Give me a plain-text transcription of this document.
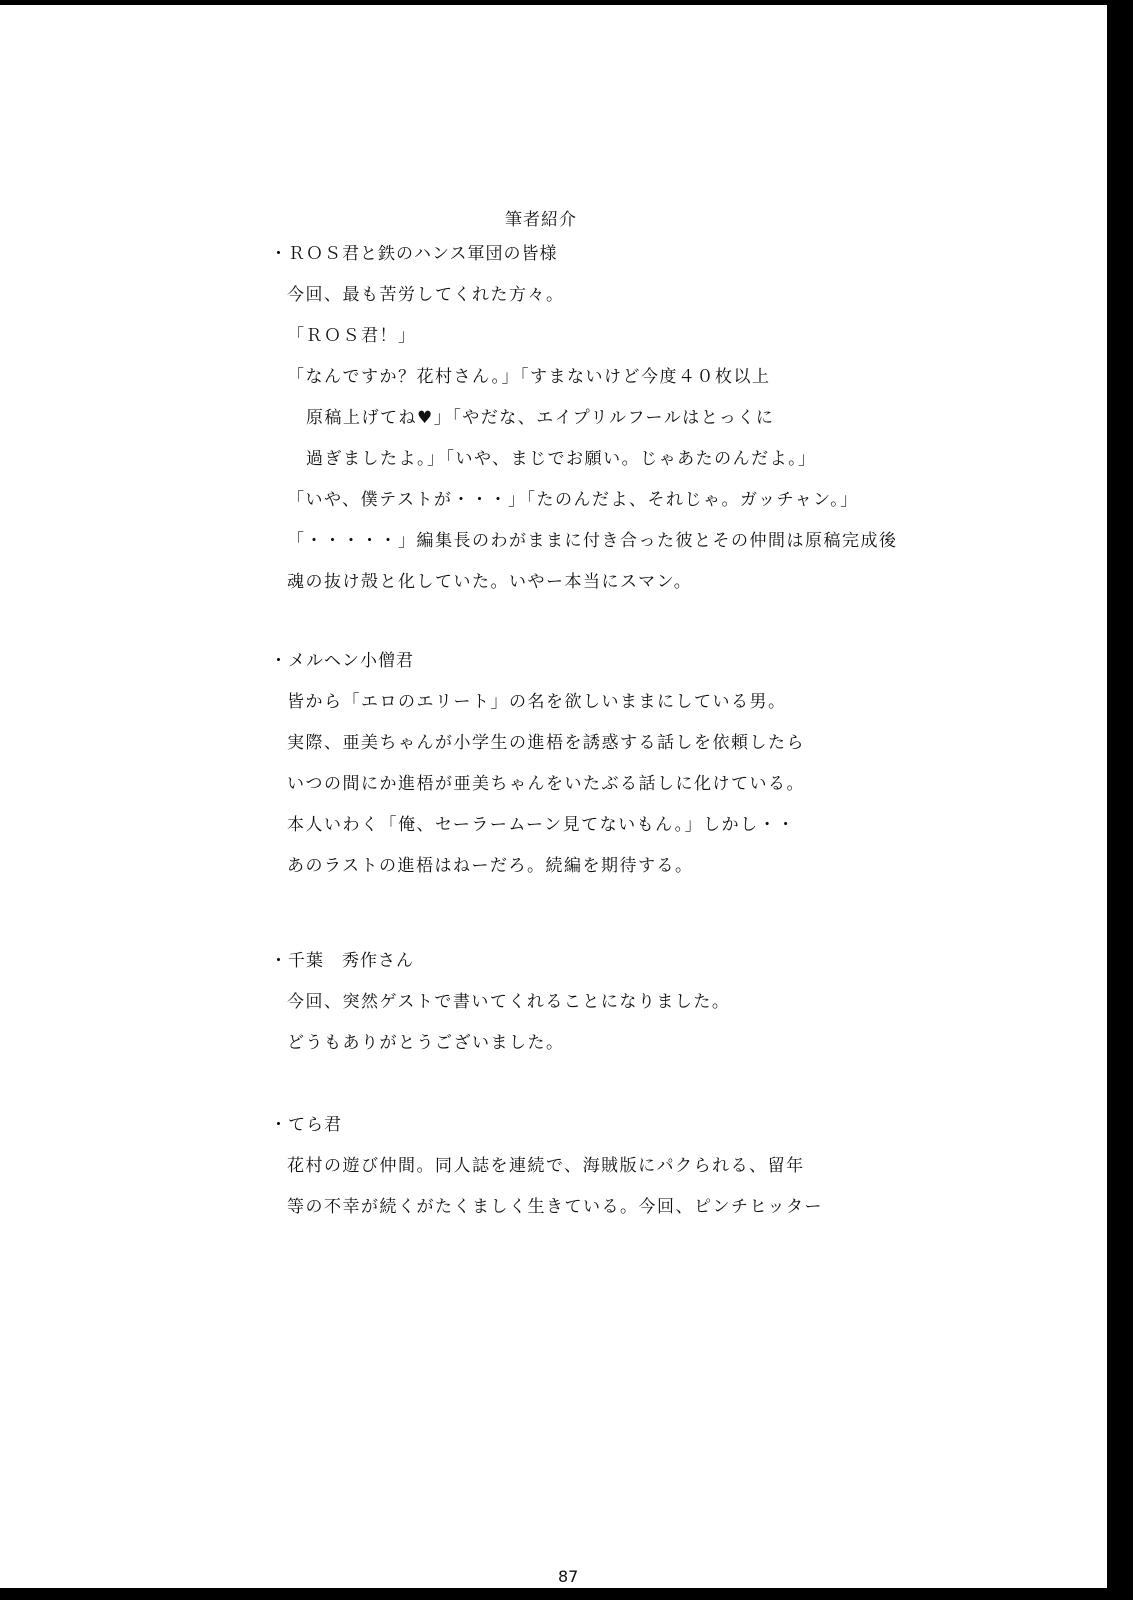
筆者紹介
・ＲＯＳ君と鉄のハンス軍団の皆様
今回、最も苦労してくれた方々。
「ＲＯＳ君！」
「なんですか？花村さん。」「すまないけど今度４０枚以上
原稿上げてね♥」「やだな、エイプリルフールはとっくに
過ぎましたよ。」「いや、まじでお願い。じゃあたのんだよ。」
「いや、僕テストが・・・」「たのんだよ、それじゃ。ガッチャン。」
「・・・・・」編集長のわがままに付き合った彼とその仲間は原稿完成後
魂の抜け殻と化していた。いやー本当にスマン。
・メルヘン小僧君
皆から「エロのエリート」の名を欲しいままにしている男。
実際、亜美ちゃんが小学生の進梧を誘惑する話しを依頼したら
いつの間にか進梧が亜美ちゃんをいたぶる話しに化けている。
本人いわく「俺、セーラームーン見てないもん。」しかし・・
あのラストの進梧はねーだろ。続編を期待する。
・千葉　秀作さん
今回、突然ゲストで書いてくれることになりました。
どうもありがとうございました。
・てら君
花村の遊び仲間。同人誌を連続で、海賊版にパクられる、留年
等の不幸が続くがたくましく生きている。今回、ピンチヒッター
87
